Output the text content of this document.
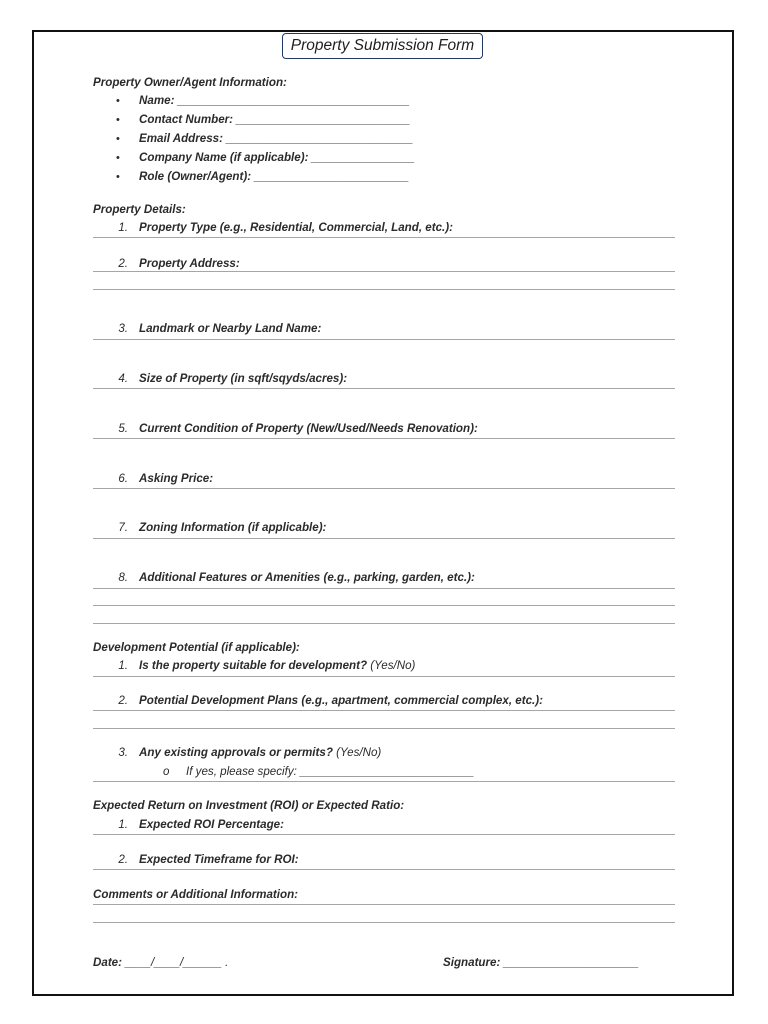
Property Submission Form
Property Owner/Agent Information:
• Name: ____________________________________
• Contact Number: ___________________________
• Email Address: _____________________________
• Company Name (if applicable): ________________
• Role (Owner/Agent): ________________________
Property Details:
1. Property Type (e.g., Residential, Commercial, Land, etc.):
2. Property Address:
3. Landmark or Nearby Land Name:
4. Size of Property (in sqft/sqyds/acres):
5. Current Condition of Property (New/Used/Needs Renovation):
6. Asking Price:
7. Zoning Information (if applicable):
8. Additional Features or Amenities (e.g., parking, garden, etc.):
Development Potential (if applicable):
1. Is the property suitable for development? (Yes/No)
2. Potential Development Plans (e.g., apartment, commercial complex, etc.):
3. Any existing approvals or permits? (Yes/No)
o If yes, please specify: ___________________________
Expected Return on Investment (ROI) or Expected Ratio:
1. Expected ROI Percentage:
2. Expected Timeframe for ROI:
Comments or Additional Information:
Date: ____/____/______ .	Signature: _____________________
